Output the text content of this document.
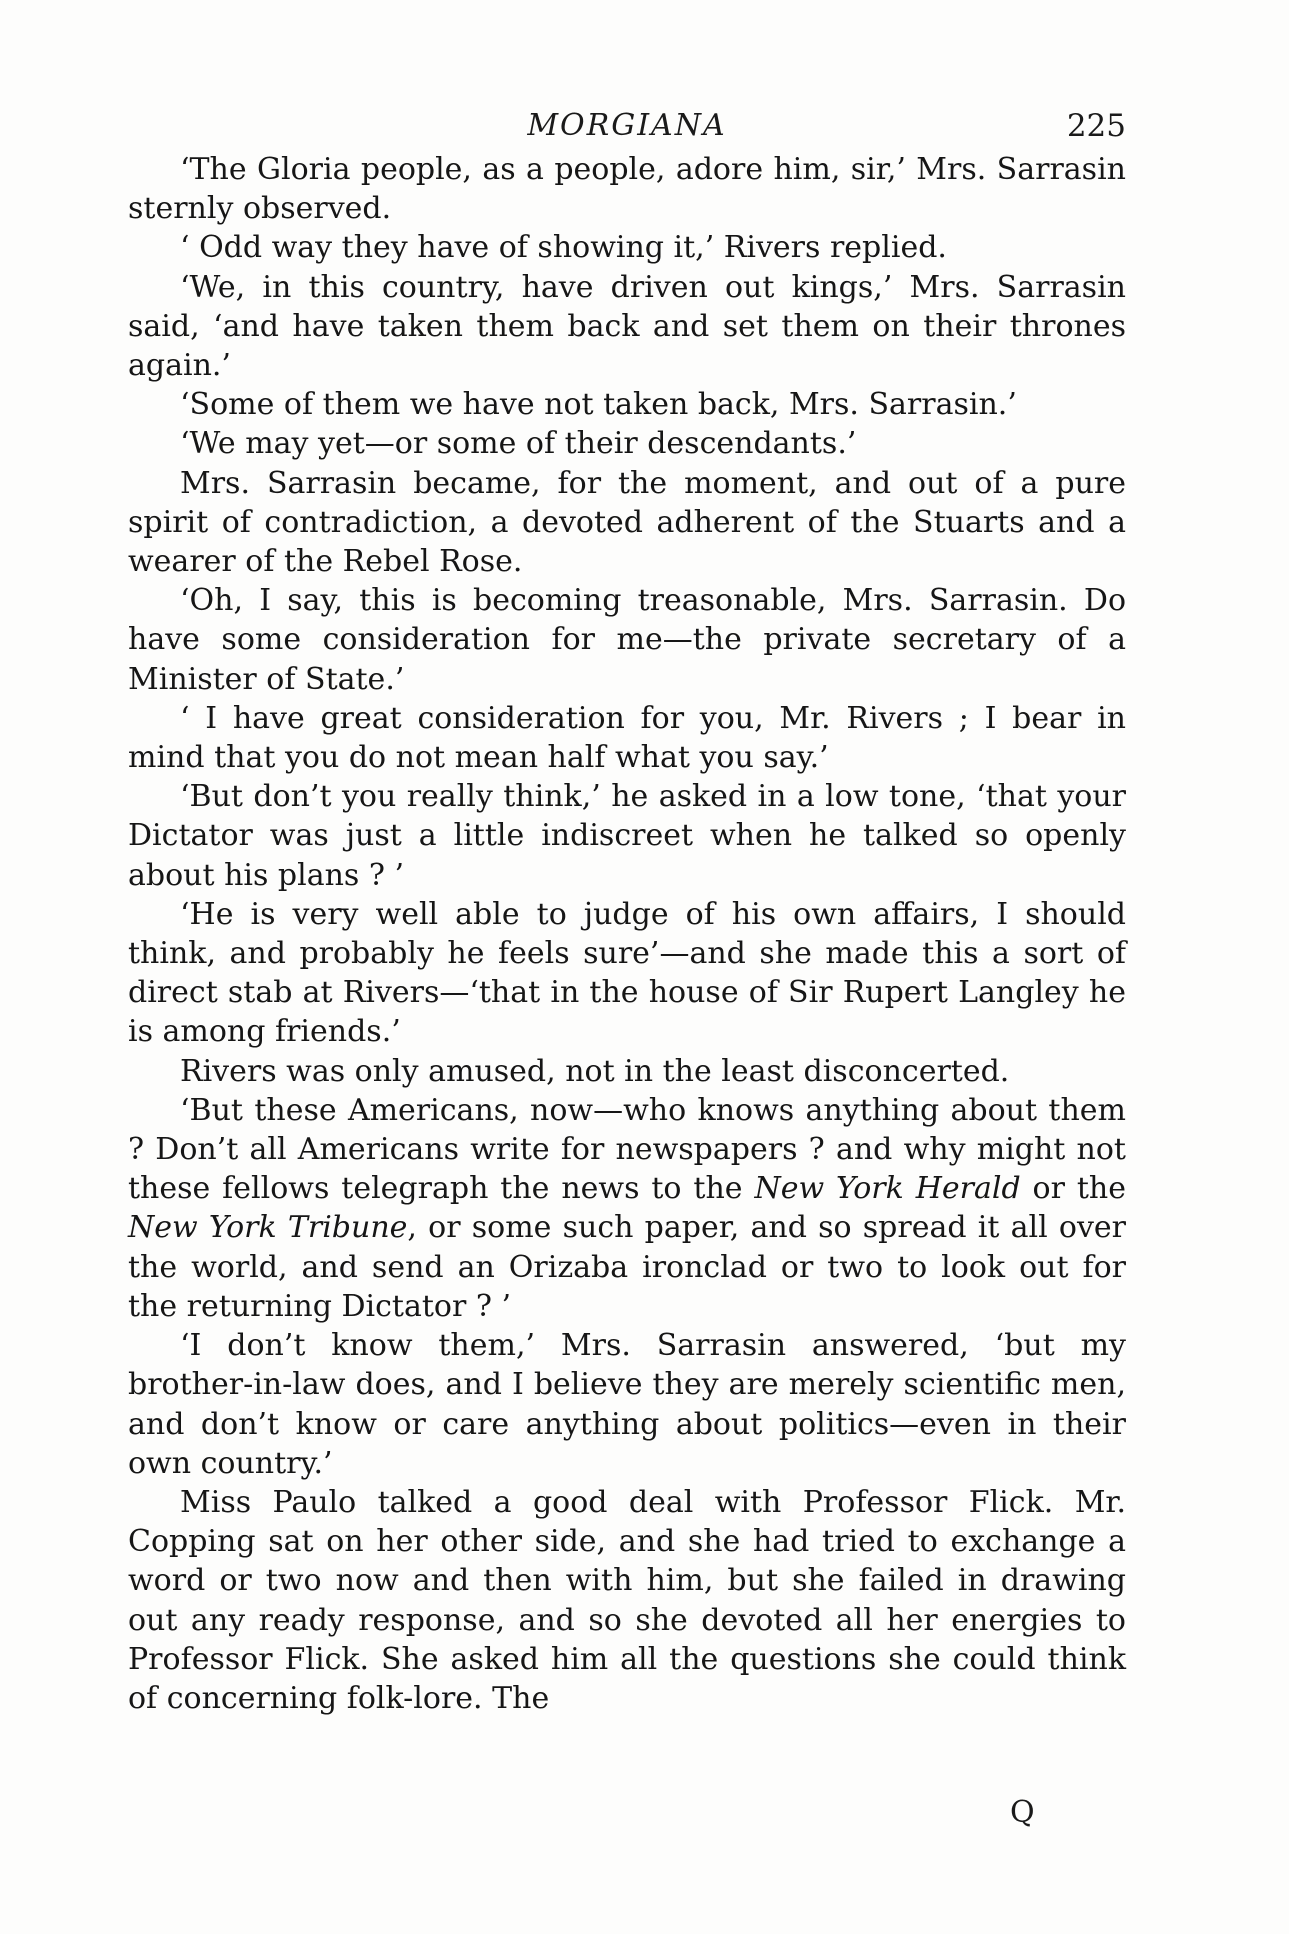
MORGIANA	225

‘The Gloria people, as a people, adore him, sir,’ Mrs. Sarrasin sternly observed.

‘ Odd way they have of showing it,’ Rivers replied.

‘We, in this country, have driven out kings,’ Mrs. Sarrasin said, ‘and have taken them back and set them on their thrones again.’

‘Some of them we have not taken back, Mrs. Sarrasin.’

‘We may yet—or some of their descendants.’

Mrs. Sarrasin became, for the moment, and out of a pure spirit of contradiction, a devoted adherent of the Stuarts and a wearer of the Rebel Rose.

‘Oh, I say, this is becoming treasonable, Mrs. Sarrasin. Do have some consideration for me—the private secretary of a Minister of State.’

‘ I have great consideration for you, Mr. Rivers ; I bear in mind that you do not mean half what you say.’

‘But don’t you really think,’ he asked in a low tone, ‘that your Dictator was just a little indiscreet when he talked so openly about his plans ? ’

‘He is very well able to judge of his own affairs, I should think, and probably he feels sure’—and she made this a sort of direct stab at Rivers—‘that in the house of Sir Rupert Langley he is among friends.’

Rivers was only amused, not in the least disconcerted.

‘But these Americans, now—who knows anything about them ? Don’t all Americans write for newspapers ? and why might not these fellows telegraph the news to the New York Herald or the New York Tribune, or some such paper, and so spread it all over the world, and send an Orizaba ironclad or two to look out for the returning Dictator ? ’

‘I don’t know them,’ Mrs. Sarrasin answered, ‘but my brother-in-law does, and I believe they are merely scientific men, and don’t know or care anything about politics—even in their own country.’

Miss Paulo talked a good deal with Professor Flick. Mr. Copping sat on her other side, and she had tried to exchange a word or two now and then with him, but she failed in drawing out any ready response, and so she devoted all her energies to Professor Flick. She asked him all the questions she could think of concerning folk-lore. The

Q
